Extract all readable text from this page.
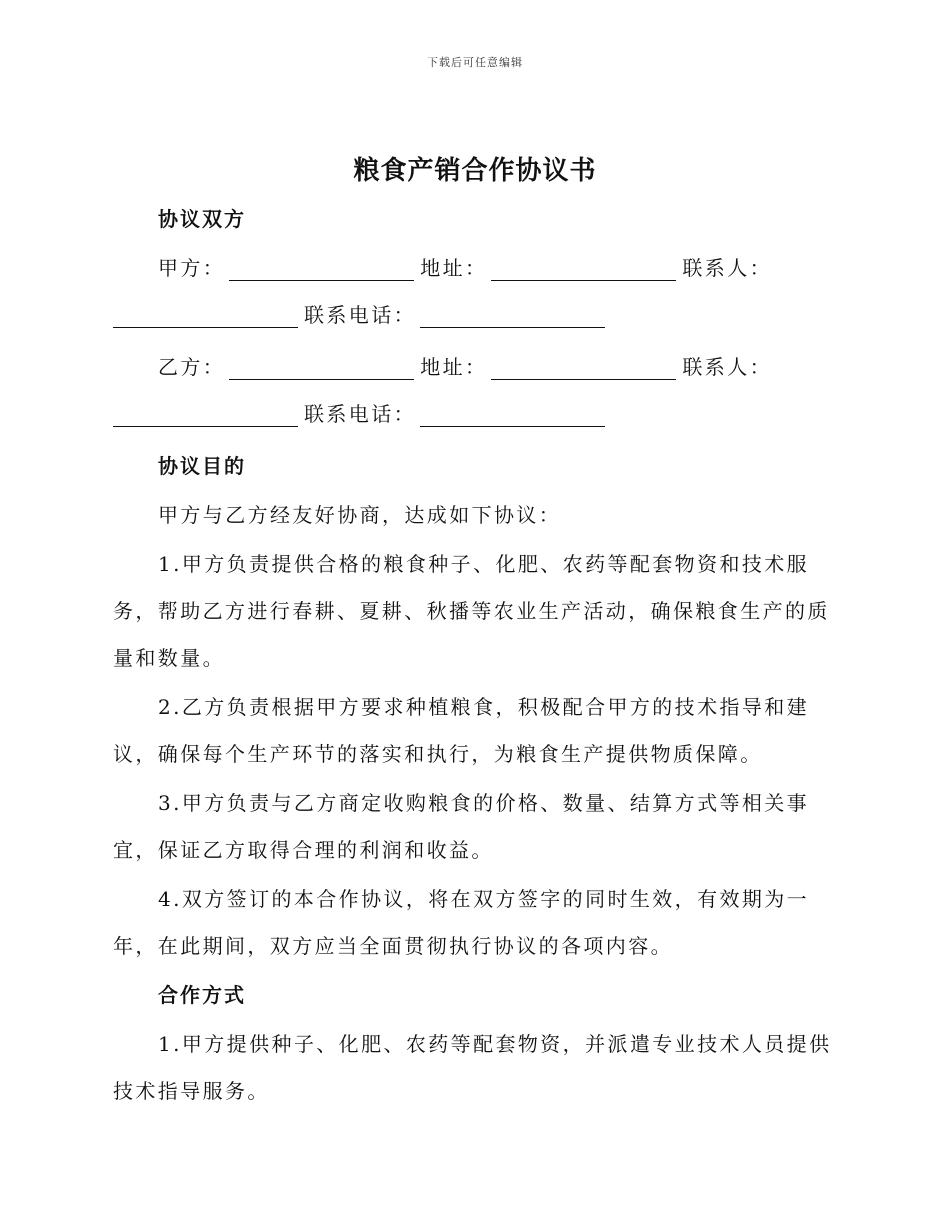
下载后可任意编辑
粮食产销合作协议书
协议双方

甲方：	地址：	联系人：

联系电话：

乙方：	地址：	联系人：

联系电话：

协议目的

甲方与乙方经友好协商，达成如下协议：

1.甲方负责提供合格的粮食种子、化肥、农药等配套物资和技术服务，帮助乙方进行春耕、夏耕、秋播等农业生产活动，确保粮食生产的质量和数量。

2.乙方负责根据甲方要求种植粮食，积极配合甲方的技术指导和建议，确保每个生产环节的落实和执行，为粮食生产提供物质保障。

3.甲方负责与乙方商定收购粮食的价格、数量、结算方式等相关事宜，保证乙方取得合理的利润和收益。

4.双方签订的本合作协议，将在双方签字的同时生效，有效期为一年，在此期间，双方应当全面贯彻执行协议的各项内容。

合作方式

1.甲方提供种子、化肥、农药等配套物资，并派遣专业技术人员提供技术指导服务。
